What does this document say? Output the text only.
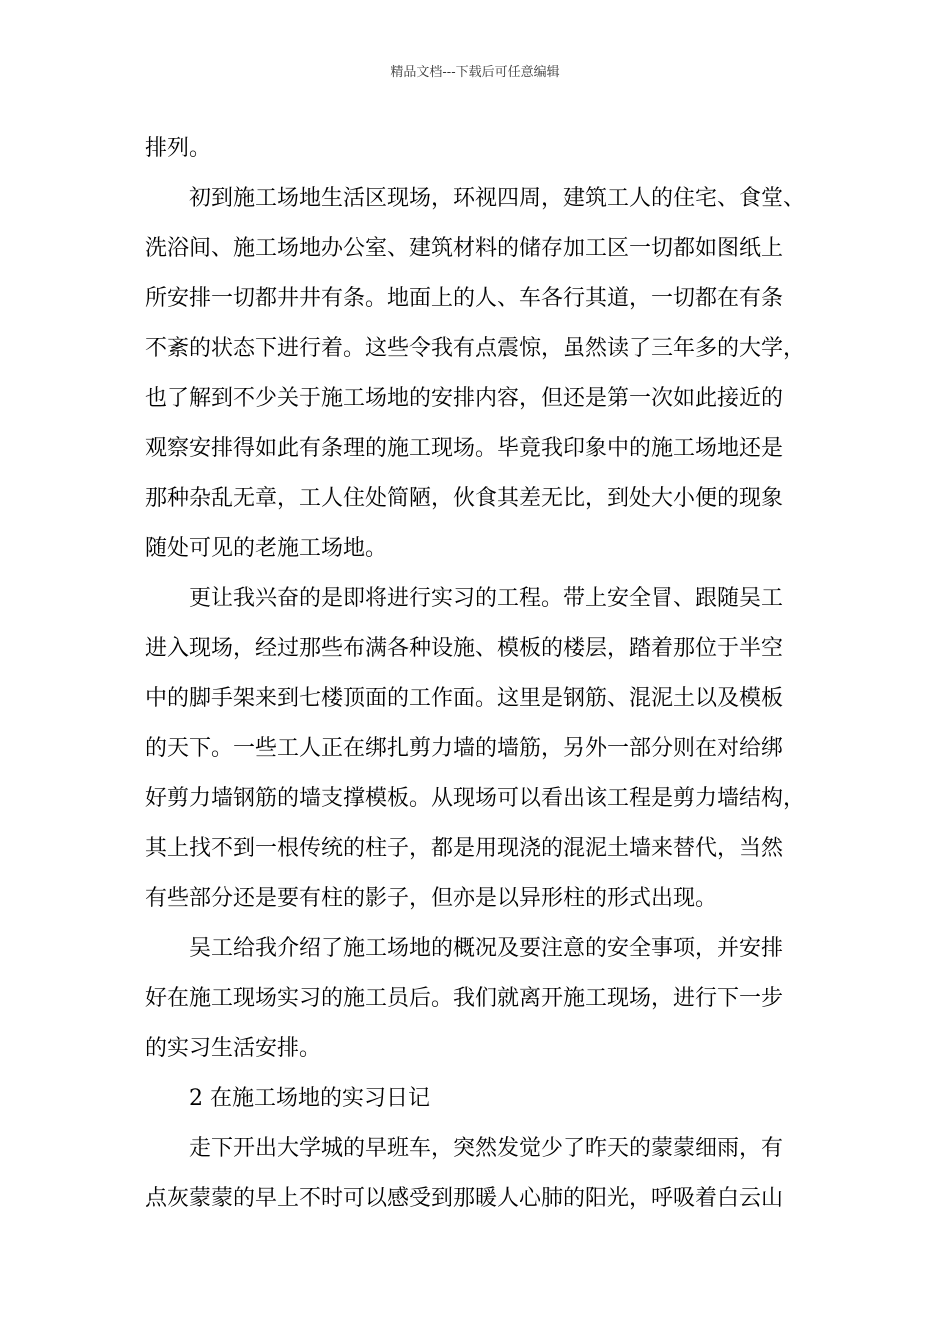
精品文档---下载后可任意编辑
排列。
初到施工场地生活区现场，环视四周，建筑工人的住宅、食堂、
洗浴间、施工场地办公室、建筑材料的储存加工区一切都如图纸上
所安排一切都井井有条。地面上的人、车各行其道，一切都在有条
不紊的状态下进行着。这些令我有点震惊，虽然读了三年多的大学，
也了解到不少关于施工场地的安排内容，但还是第一次如此接近的
观察安排得如此有条理的施工现场。毕竟我印象中的施工场地还是
那种杂乱无章，工人住处简陋，伙食其差无比，到处大小便的现象
随处可见的老施工场地。
更让我兴奋的是即将进行实习的工程。带上安全冒、跟随吴工
进入现场，经过那些布满各种设施、模板的楼层，踏着那位于半空
中的脚手架来到七楼顶面的工作面。这里是钢筋、混泥土以及模板
的天下。一些工人正在绑扎剪力墙的墙筋，另外一部分则在对给绑
好剪力墙钢筋的墙支撑模板。从现场可以看出该工程是剪力墙结构，
其上找不到一根传统的柱子，都是用现浇的混泥土墙来替代，当然
有些部分还是要有柱的影子，但亦是以异形柱的形式出现。
吴工给我介绍了施工场地的概况及要注意的安全事项，并安排
好在施工现场实习的施工员后。我们就离开施工现场，进行下一步
的实习生活安排。
2 在施工场地的实习日记
走下开出大学城的早班车，突然发觉少了昨天的蒙蒙细雨，有
点灰蒙蒙的早上不时可以感受到那暖人心肺的阳光，呼吸着白云山
